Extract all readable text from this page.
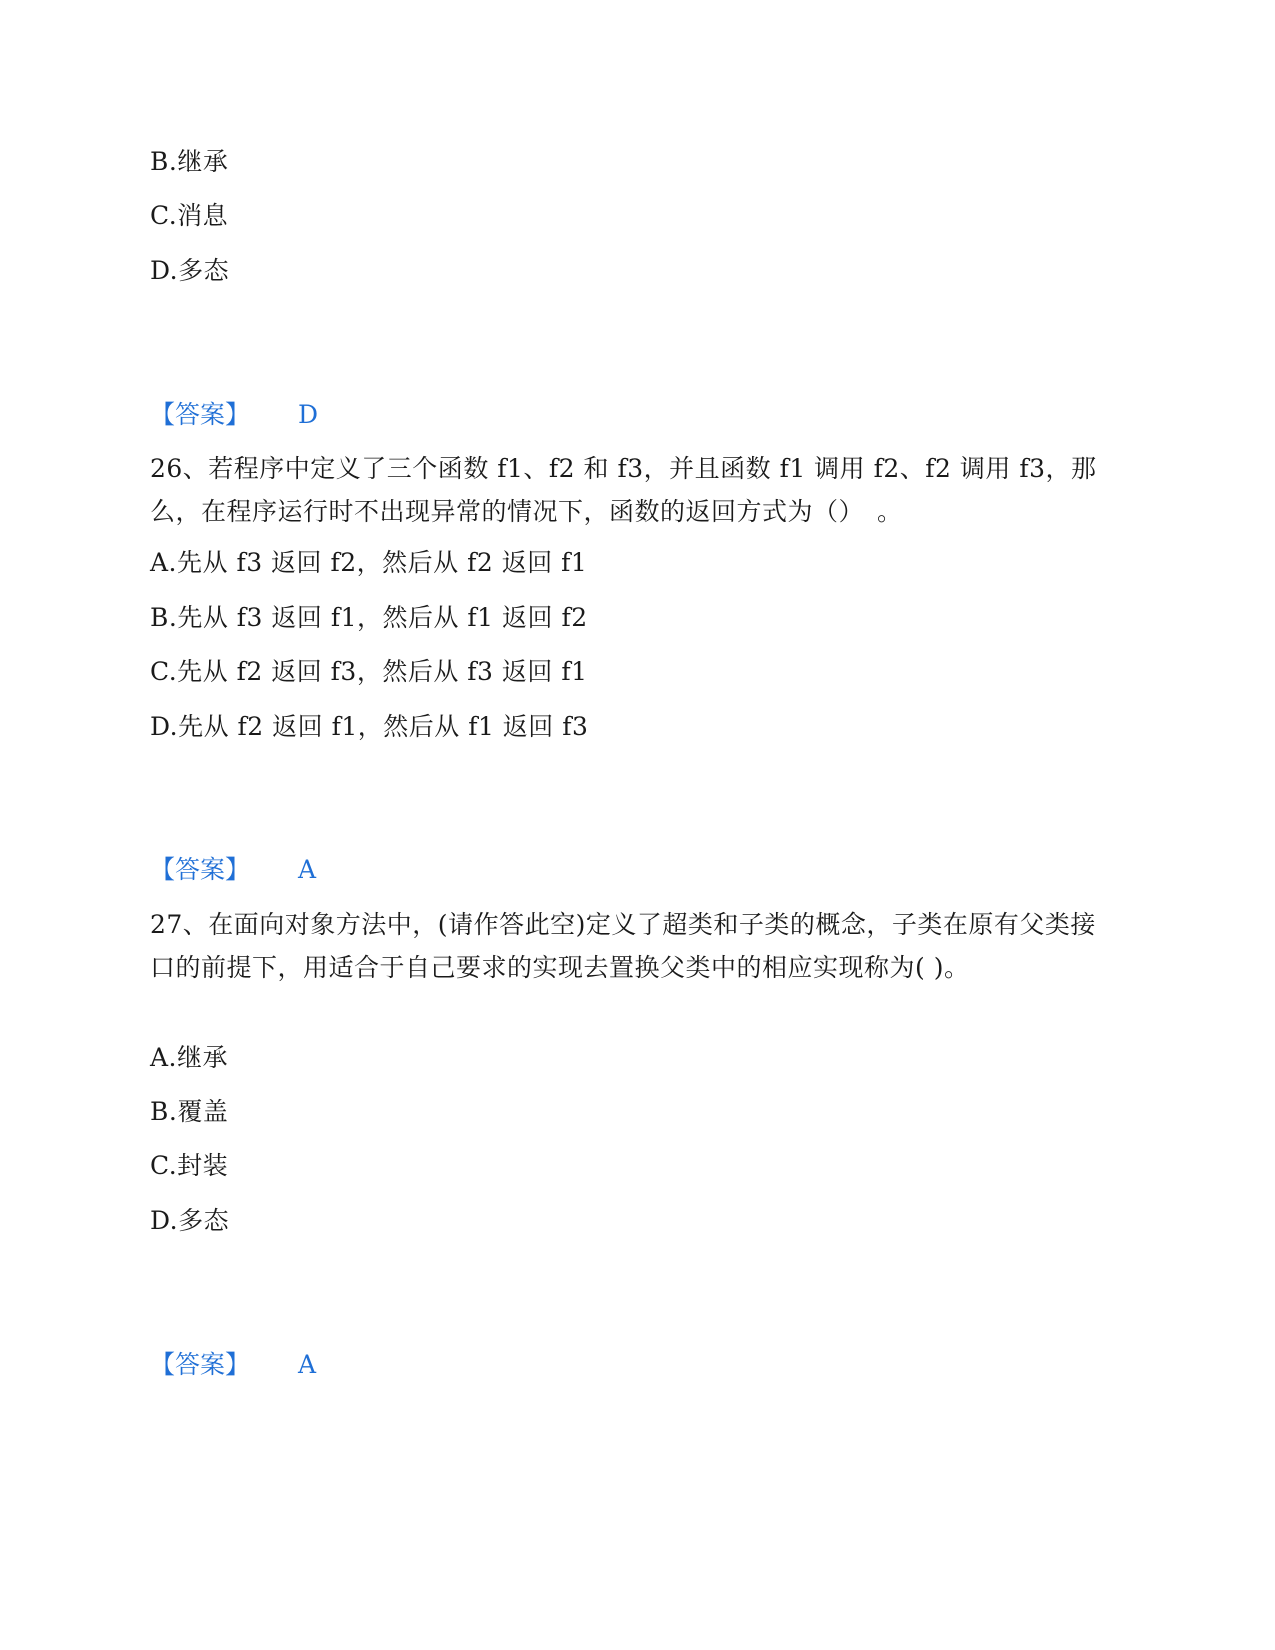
B.继承
C.消息
D.多态
【答案】 D
26、若程序中定义了三个函数 f1、f2 和 f3，并且函数 f1 调用 f2、f2 调用 f3，那么，在程序运行时不出现异常的情况下，函数的返回方式为（）　。
A.先从 f3 返回 f2，然后从 f2 返回 f1
B.先从 f3 返回 f1，然后从 f1 返回 f2
C.先从 f2 返回 f3，然后从 f3 返回 f1
D.先从 f2 返回 f1，然后从 f1 返回 f3
【答案】 A
27、在面向对象方法中，(请作答此空)定义了超类和子类的概念，子类在原有父类接口的前提下，用适合于自己要求的实现去置换父类中的相应实现称为( )。
A.继承
B.覆盖
C.封装
D.多态
【答案】 A
